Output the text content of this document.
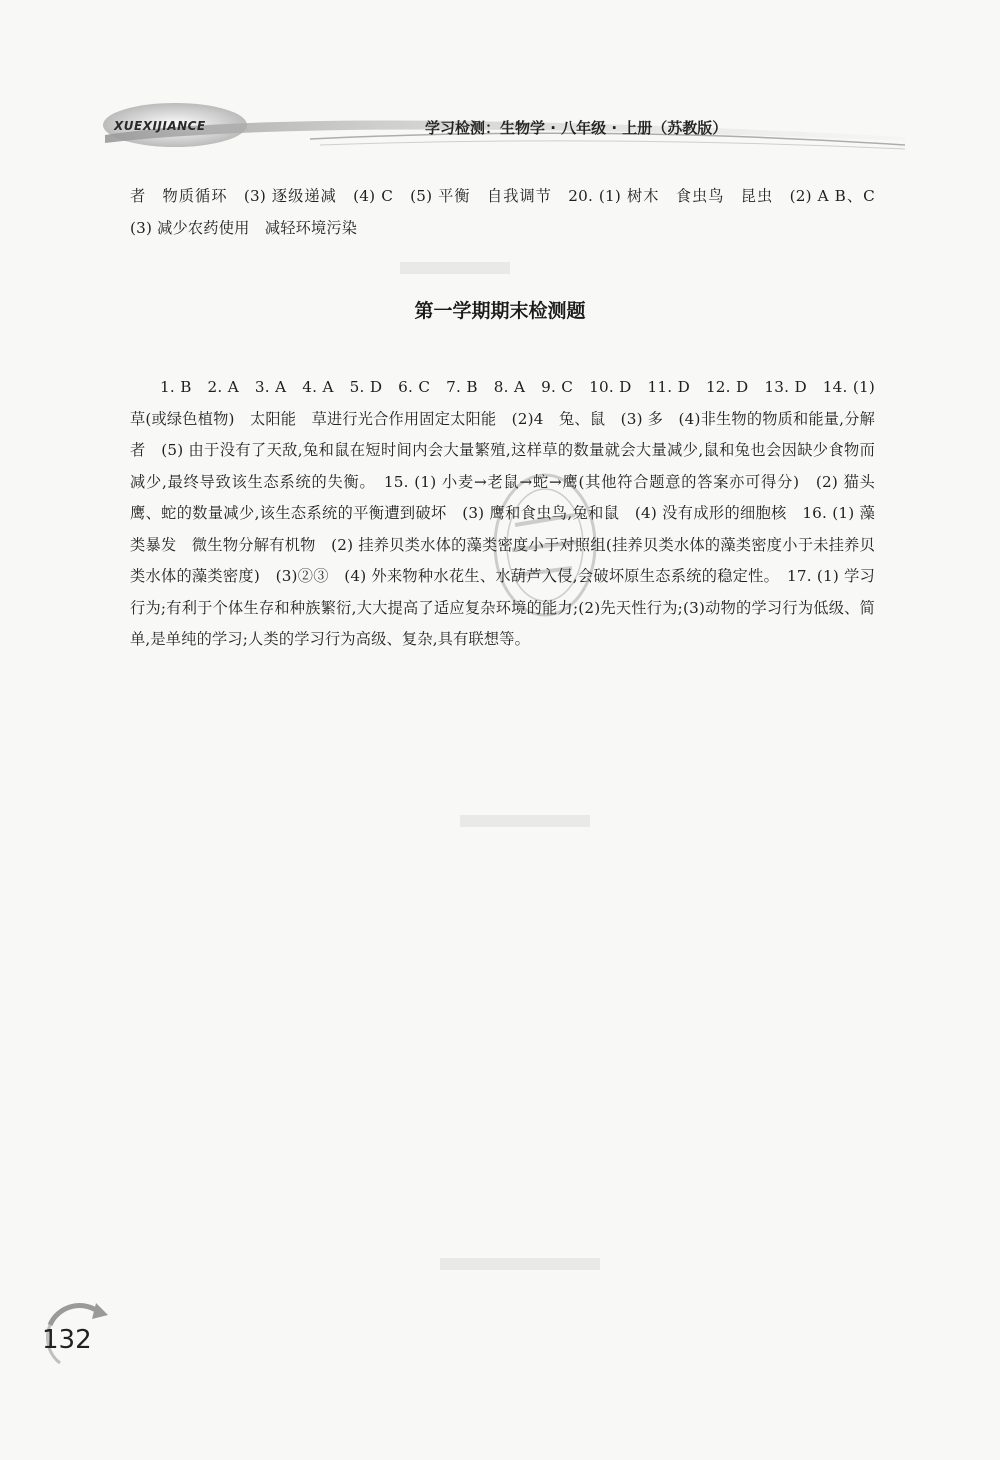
XUEXIJIANCE	学习检测：生物学 · 八年级 · 上册（苏教版）
者　物质循环　(3) 逐级递减　(4) C　(5) 平衡　自我调节　20. (1) 树木　食虫鸟　昆虫　(2) A B、C　(3) 减少农药使用　减轻环境污染
第一学期期末检测题
1. B　2. A　3. A　4. A　5. D　6. C　7. B　8. A　9. C　10. D　11. D　12. D　13. D　14. (1) 草(或绿色植物)　太阳能　草进行光合作用固定太阳能　(2)4　兔、鼠　(3) 多　(4)非生物的物质和能量,分解者　(5) 由于没有了天敌,兔和鼠在短时间内会大量繁殖,这样草的数量就会大量减少,鼠和兔也会因缺少食物而减少,最终导致该生态系统的失衡。　15. (1) 小麦→老鼠→蛇→鹰(其他符合题意的答案亦可得分)　(2) 猫头鹰、蛇的数量减少,该生态系统的平衡遭到破坏　(3) 鹰和食虫鸟,兔和鼠　(4) 没有成形的细胞核　16. (1) 藻类暴发　微生物分解有机物　(2) 挂养贝类水体的藻类密度小于对照组(挂养贝类水体的藻类密度小于未挂养贝类水体的藻类密度)　(3)②③　(4) 外来物种水花生、水葫芦入侵,会破坏原生态系统的稳定性。　17. (1) 学习行为;有利于个体生存和种族繁衍,大大提高了适应复杂环境的能力;(2)先天性行为;(3)动物的学习行为低级、简单,是单纯的学习;人类的学习行为高级、复杂,具有联想等。
132
